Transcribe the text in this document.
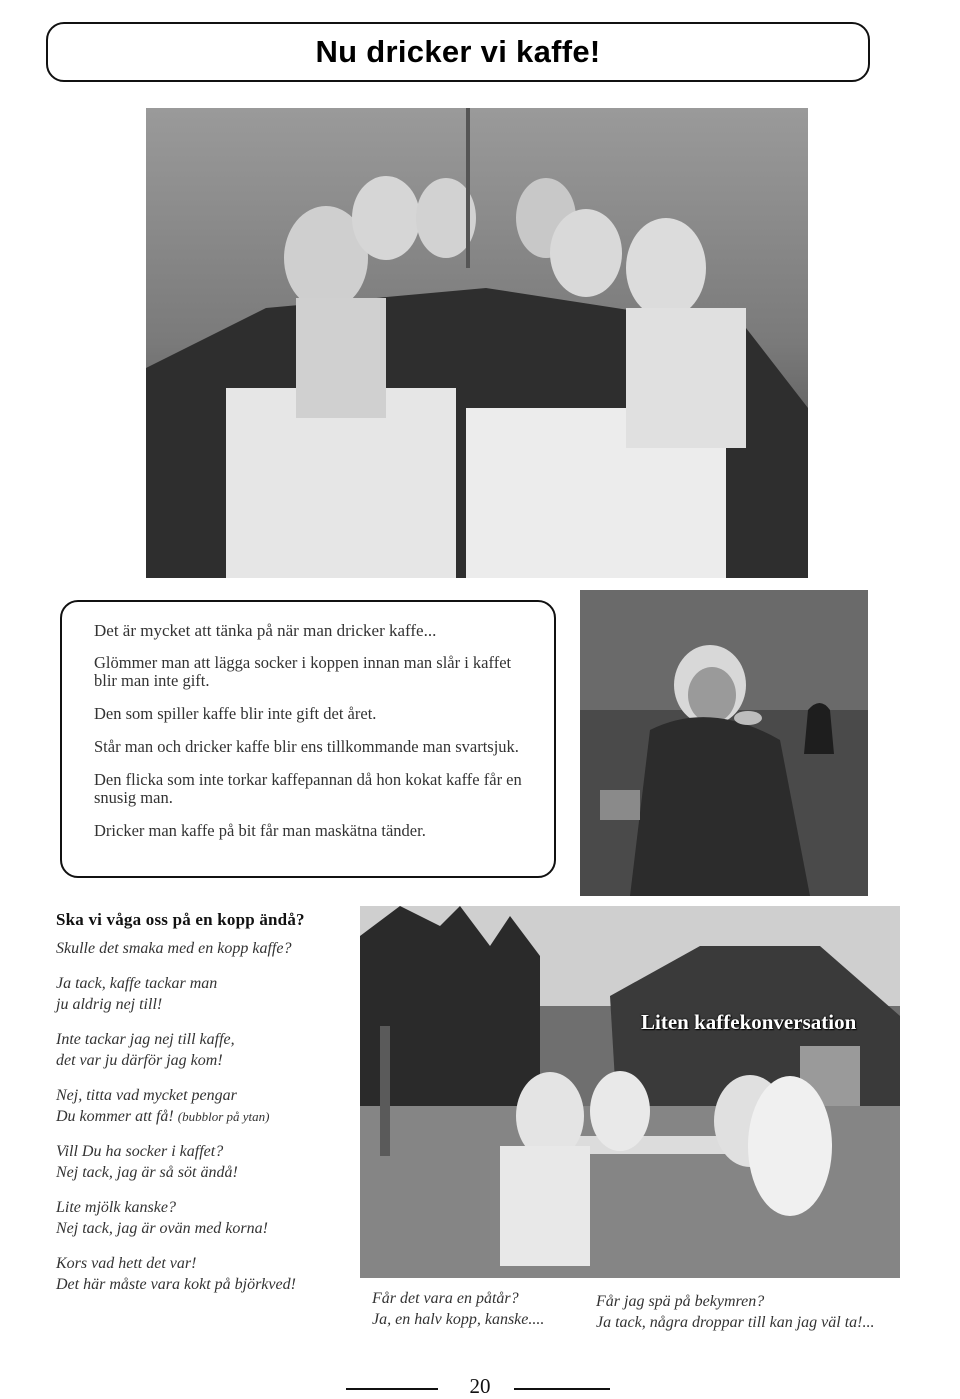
Nu dricker vi kaffe!

Det är mycket att tänka på när man dricker kaffe...

Glömmer man att lägga socker i koppen innan man slår i kaffet blir man inte gift.

Den som spiller kaffe blir inte gift det året.

Står man och dricker kaffe blir ens tillkommande man svartsjuk.

Den flicka som inte torkar kaffepannan då hon kokat kaffe får en snusig man.

Dricker man kaffe på bit får man maskätna tänder.

Ska vi våga oss på en kopp ändå?
Skulle det smaka med en kopp kaffe?
Ja tack, kaffe tackar man
ju aldrig nej till!
Inte tackar jag nej till kaffe,
det var ju därför jag kom!
Nej, titta vad mycket pengar
Du kommer att få! (bubblor på ytan)
Vill Du ha socker i kaffet?
Nej tack, jag är så söt ändå!
Lite mjölk kanske?
Nej tack, jag är ovän med korna!
Kors vad hett det var!
Det här måste vara kokt på björkved!
Liten kaffekonversation
Får det vara en påtår?
Ja, en halv kopp, kanske....
Får jag spä på bekymren?
Ja tack, några droppar till kan jag väl ta!...
20
